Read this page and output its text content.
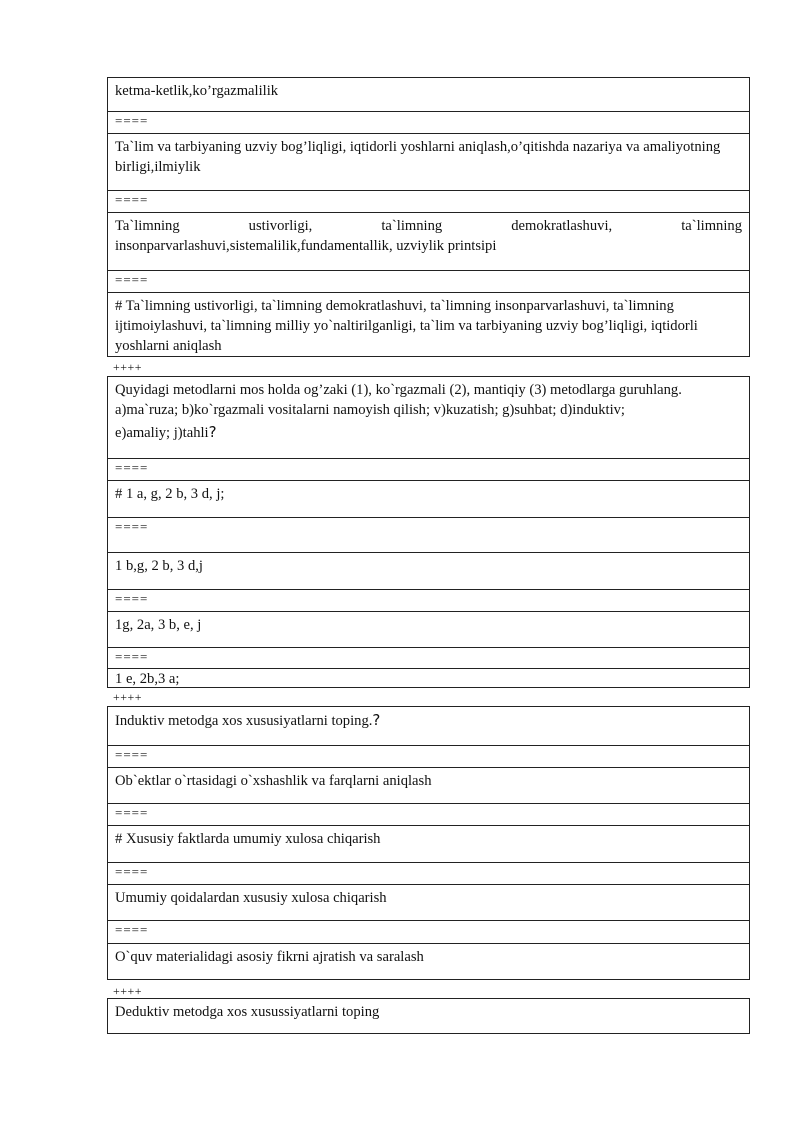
ketma-ketlik,ko’rgazmalilik
====
Ta`lim va tarbiyaning uzviy bog’liqligi, iqtidorli yoshlarni aniqlash,o’qitishda nazariya va amaliyotning birligi,ilmiylik
====
Ta`limning ustivorligi, ta`limning demokratlashuvi, ta`limning
insonparvarlashuvi,sistemalilik,fundamentallik, uzviylik printsipi
====
# Ta`limning ustivorligi, ta`limning demokratlashuvi, ta`limning insonparvarlashuvi, ta`limning ijtimoiylashuvi, ta`limning milliy yo`naltirilganligi, ta`lim va tarbiyaning uzviy bog’liqligi, iqtidorli yoshlarni aniqlash
++++
Quyidagi metodlarni mos holda og’zaki (1), ko`rgazmali (2), mantiqiy (3) metodlarga guruhlang.
a)ma`ruza; b)ko`rgazmali vositalarni namoyish qilish; v)kuzatish; g)suhbat; d)induktiv;
e)amaliy; j)tahli?
====
# 1 a, g, 2 b, 3 d, j;
====
1 b,g, 2 b, 3 d,j
====
1g, 2a, 3 b, e, j
====
1 e, 2b,3 a;
++++
Induktiv metodga xos xususiyatlarni toping.?
====
Ob`ektlar o`rtasidagi o`xshashlik va farqlarni aniqlash
====
# Xususiy faktlarda umumiy xulosa chiqarish
====
Umumiy qoidalardan xususiy xulosa chiqarish
====
O`quv materialidagi asosiy fikrni ajratish va saralash
++++
Deduktiv metodga xos xusussiyatlarni toping
